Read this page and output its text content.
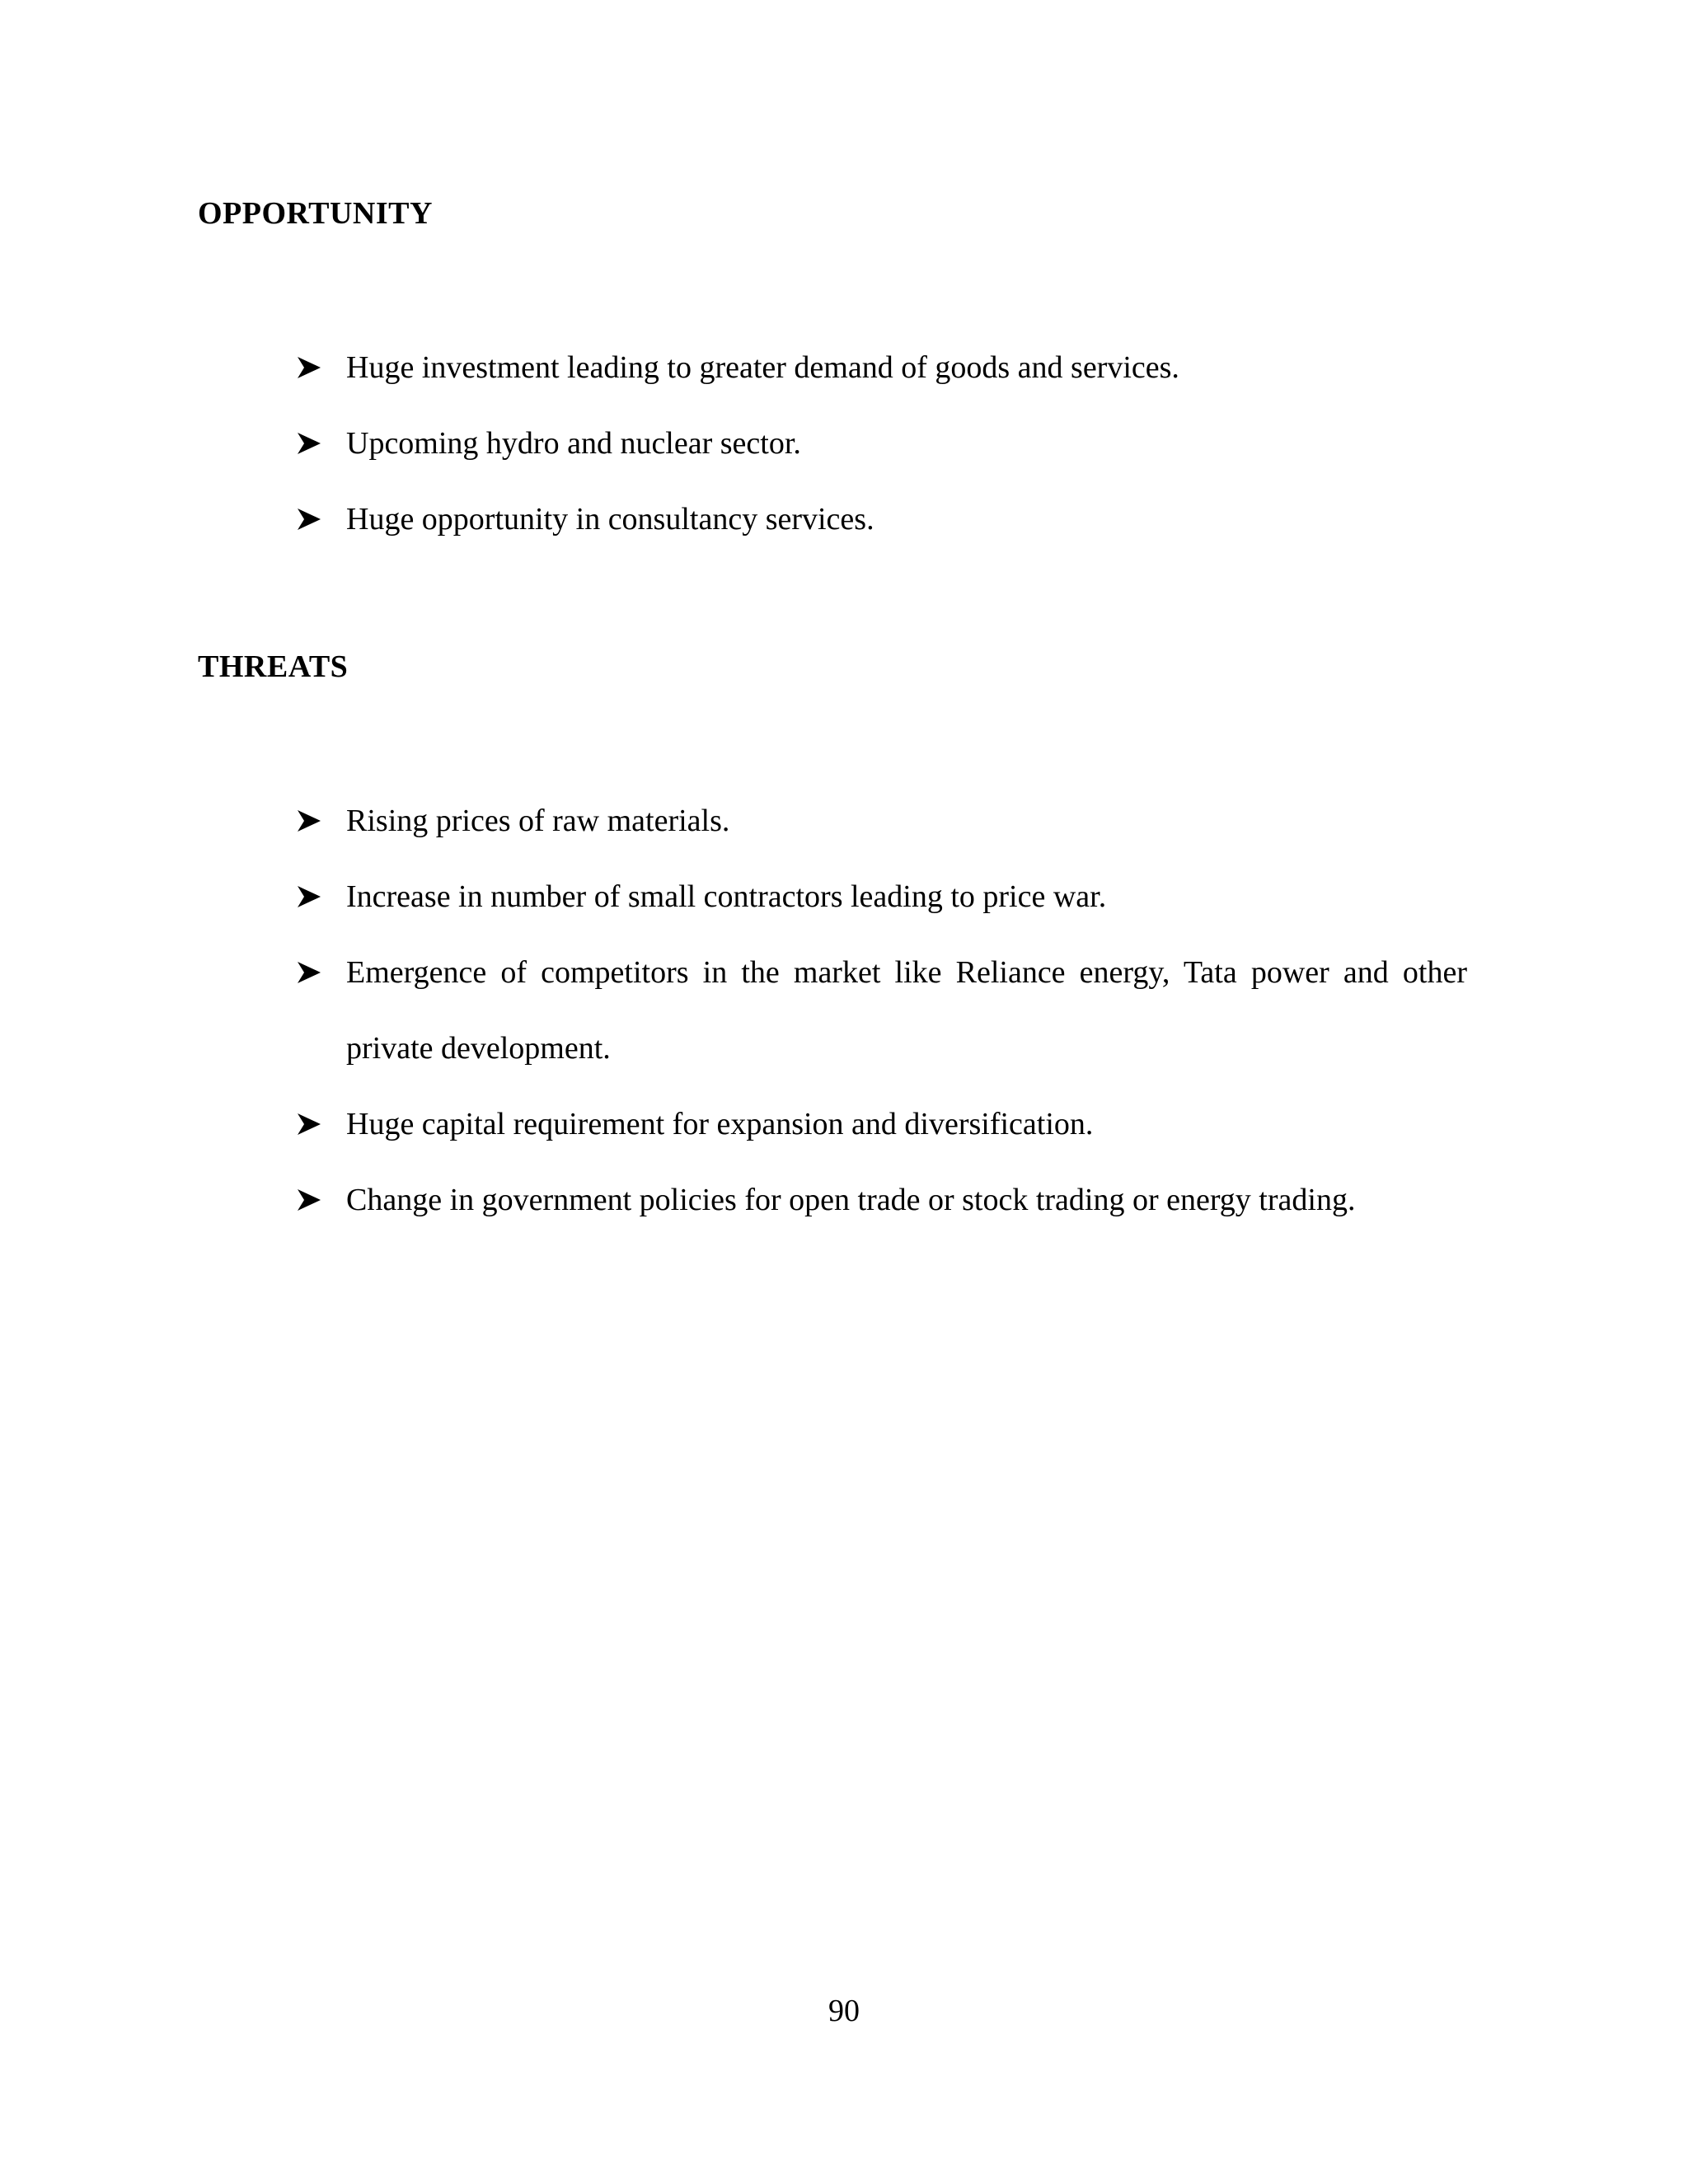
OPPORTUNITY
Huge investment leading to greater demand of goods and services.
Upcoming hydro and nuclear sector.
Huge opportunity in consultancy services.
THREATS
Rising prices of raw materials.
Increase in number of small contractors leading to price war.
Emergence of competitors in the market like Reliance energy, Tata power and other private development.
Huge capital requirement for expansion and diversification.
Change in government policies for open trade or stock trading or energy trading.
90
